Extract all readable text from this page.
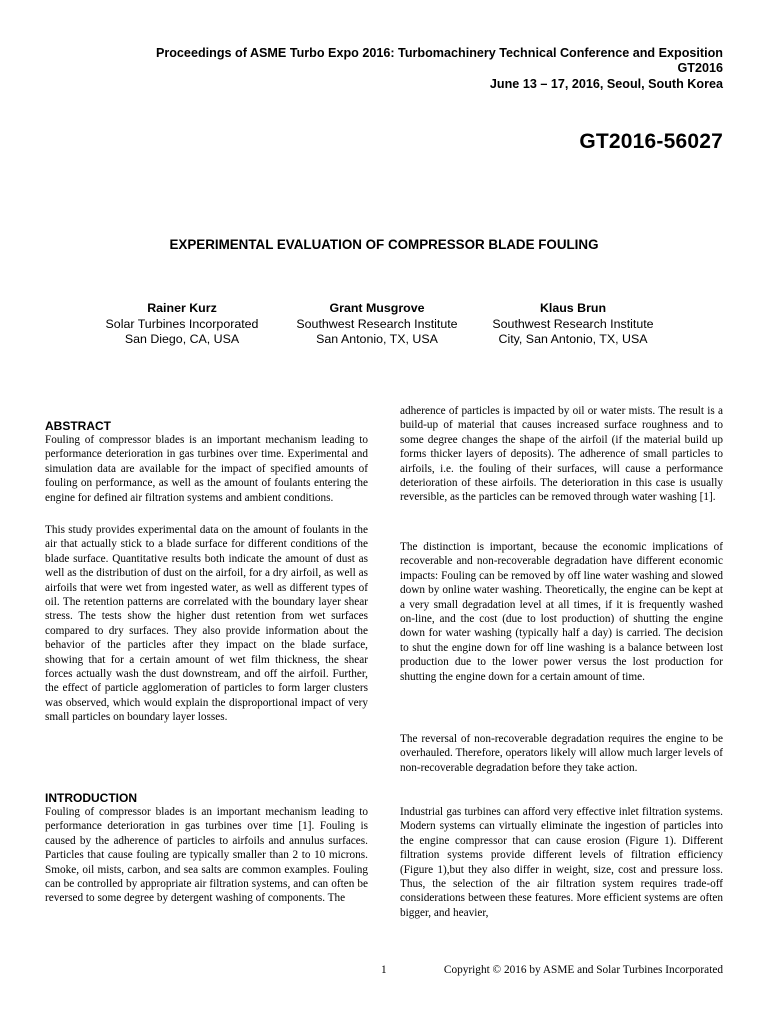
Proceedings of ASME Turbo Expo 2016: Turbomachinery Technical Conference and Exposition
GT2016
June 13 – 17, 2016, Seoul, South Korea
GT2016-56027
EXPERIMENTAL EVALUATION OF COMPRESSOR BLADE FOULING
Rainer Kurz
Solar Turbines Incorporated
San Diego, CA, USA
Grant Musgrove
Southwest Research Institute
San Antonio, TX, USA
Klaus Brun
Southwest Research Institute
City, San Antonio, TX, USA
ABSTRACT

Fouling of compressor blades is an important mechanism leading to performance deterioration in gas turbines over time. Experimental and simulation data are available for the impact of specified amounts of fouling on performance, as well as the amount of foulants entering the engine for defined air filtration systems and ambient conditions.

This study provides experimental data on the amount of foulants in the air that actually stick to a blade surface for different conditions of the blade surface. Quantitative results both indicate the amount of dust as well as the distribution of dust on the airfoil, for a dry airfoil, as well as airfoils that were wet from ingested water, as well as different types of oil. The retention patterns are correlated with the boundary layer shear stress. The tests show the higher dust retention from wet surfaces compared to dry surfaces. They also provide information about the behavior of the particles after they impact on the blade surface, showing that for a certain amount of wet film thickness, the shear forces actually wash the dust downstream, and off the airfoil. Further, the effect of particle agglomeration of particles to form larger clusters was observed, which would explain the disproportional impact of very small particles on boundary layer losses.

INTRODUCTION

Fouling of compressor blades is an important mechanism leading to performance deterioration in gas turbines over time [1]. Fouling is caused by the adherence of particles to airfoils and annulus surfaces. Particles that cause fouling are typically smaller than 2 to 10 microns. Smoke, oil mists, carbon, and sea salts are common examples. Fouling can be controlled by appropriate air filtration systems, and can often be reversed to some degree by detergent washing of components. The

adherence of particles is impacted by oil or water mists. The result is a build-up of material that causes increased surface roughness and to some degree changes the shape of the airfoil (if the material build up forms thicker layers of deposits). The adherence of small particles to airfoils, i.e. the fouling of their surfaces, will cause a performance deterioration of these airfoils. The deterioration in this case is usually reversible, as the particles can be removed through water washing [1].

The distinction is important, because the economic implications of recoverable and non-recoverable degradation have different economic impacts: Fouling can be removed by off line water washing and slowed down by online water washing. Theoretically, the engine can be kept at a very small degradation level at all times, if it is frequently washed on-line, and the cost (due to lost production) of shutting the engine down for water washing (typically half a day) is carried. The decision to shut the engine down for off line washing is a balance between lost production due to the lower power versus the lost production for shutting the engine down for a certain amount of time.

The reversal of non-recoverable degradation requires the engine to be overhauled. Therefore, operators likely will allow much larger levels of non-recoverable degradation before they take action.

Industrial gas turbines can afford very effective inlet filtration systems. Modern systems can virtually eliminate the ingestion of particles into the engine compressor that can cause erosion (Figure 1). Different filtration systems provide different levels of filtration efficiency (Figure 1),but they also differ in weight, size, cost and pressure loss. Thus, the selection of the air filtration system requires trade-off considerations between these features. More efficient systems are often bigger, and heavier,

1	Copyright © 2016 by ASME and Solar Turbines Incorporated
